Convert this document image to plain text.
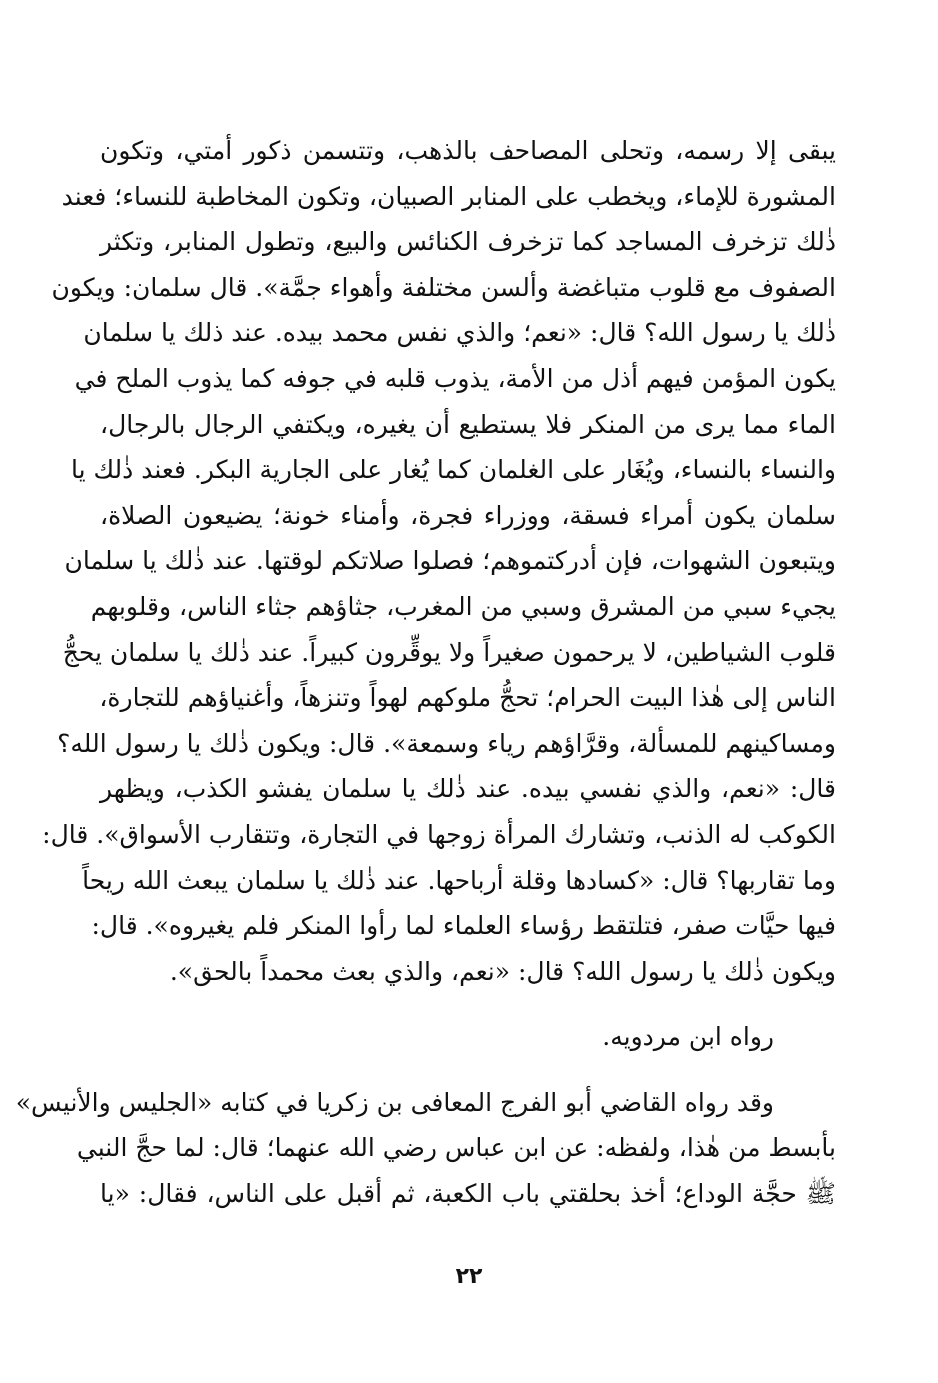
يبقى إلا رسمه، وتحلى المصاحف بالذهب، وتتسمن ذكور أمتي، وتكون
المشورة للإماء، ويخطب على المنابر الصبيان، وتكون المخاطبة للنساء؛ فعند
ذٰلك تزخرف المساجد كما تزخرف الكنائس والبيع، وتطول المنابر، وتكثر
الصفوف مع قلوب متباغضة وألسن مختلفة وأهواء جمَّة». قال سلمان: ويكون
ذٰلك يا رسول الله؟ قال: «نعم؛ والذي نفس محمد بيده. عند ذلك يا سلمان
يكون المؤمن فيهم أذل من الأمة، يذوب قلبه في جوفه كما يذوب الملح في
الماء مما يرى من المنكر فلا يستطيع أن يغيره، ويكتفي الرجال بالرجال،
والنساء بالنساء، ويُغَار على الغلمان كما يُغار على الجارية البكر. فعند ذٰلك يا
سلمان يكون أمراء فسقة، ووزراء فجرة، وأمناء خونة؛ يضيعون الصلاة،
ويتبعون الشهوات، فإن أدركتموهم؛ فصلوا صلاتكم لوقتها. عند ذٰلك يا سلمان
يجيء سبي من المشرق وسبي من المغرب، جثاؤهم جثاء الناس، وقلوبهم
قلوب الشياطين، لا يرحمون صغيراً ولا يوقِّرون كبيراً. عند ذٰلك يا سلمان يحجُّ
الناس إلى هٰذا البيت الحرام؛ تحجُّ ملوكهم لهواً وتنزهاً، وأغنياؤهم للتجارة،
ومساكينهم للمسألة، وقرَّاؤهم رياء وسمعة». قال: ويكون ذٰلك يا رسول الله؟
قال: «نعم، والذي نفسي بيده. عند ذٰلك يا سلمان يفشو الكذب، ويظهر
الكوكب له الذنب، وتشارك المرأة زوجها في التجارة، وتتقارب الأسواق». قال:
وما تقاربها؟ قال: «كسادها وقلة أرباحها. عند ذٰلك يا سلمان يبعث الله ريحاً
فيها حيَّات صفر، فتلتقط رؤساء العلماء لما رأوا المنكر فلم يغيروه». قال:
ويكون ذٰلك يا رسول الله؟ قال: «نعم، والذي بعث محمداً بالحق».
رواه ابن مردويه.
وقد رواه القاضي أبو الفرج المعافى بن زكريا في كتابه «الجليس والأنيس»
بأبسط من هٰذا، ولفظه: عن ابن عباس رضي الله عنهما؛ قال: لما حجَّ النبي
ﷺ حجَّة الوداع؛ أخذ بحلقتي باب الكعبة، ثم أقبل على الناس، فقال: «يا
٢٢
